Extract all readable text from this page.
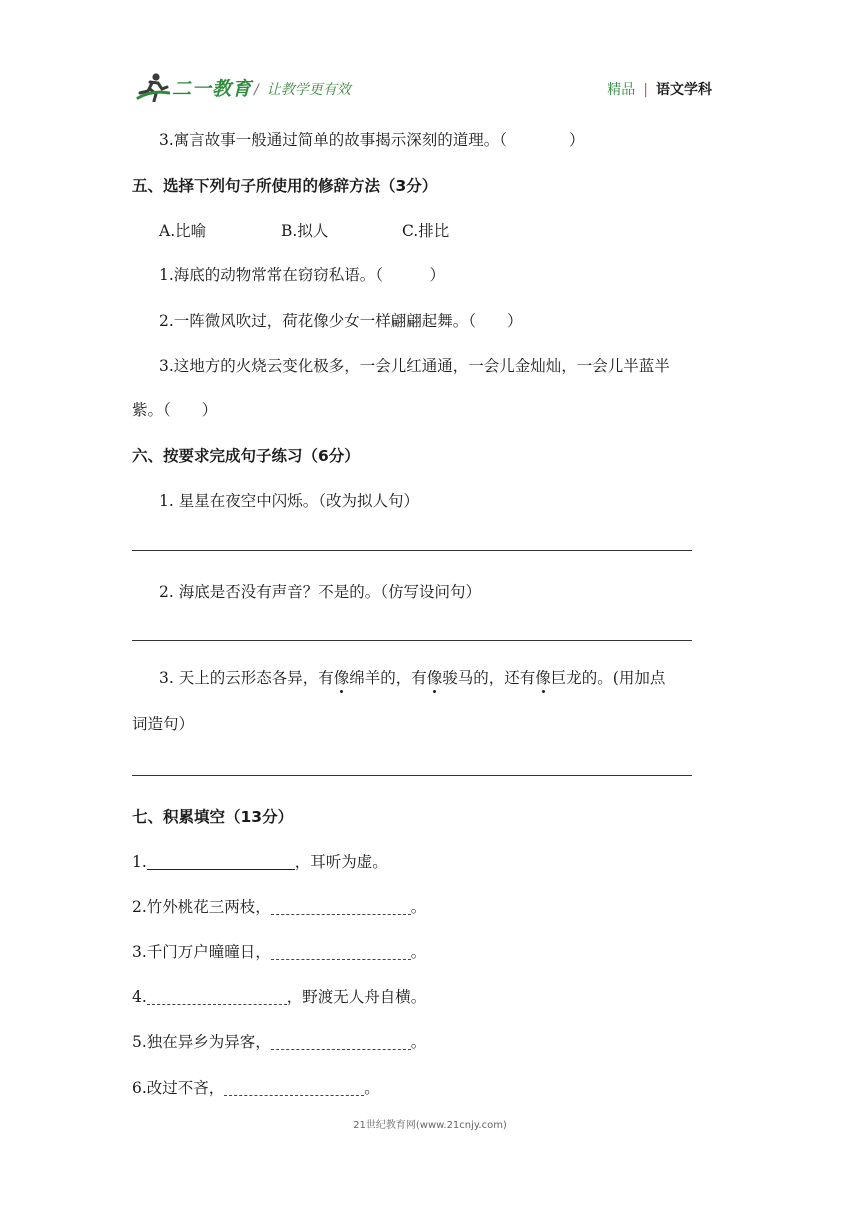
二一教育 / 让教学更有效	精品 | 语文学科
3.寓言故事一般通过简单的故事揭示深刻的道理。（　　　　）
五、选择下列句子所使用的修辞方法（3分）
A.比喻	B.拟人	C.排比
1.海底的动物常常在窃窃私语。（　　　）
2.一阵微风吹过，荷花像少女一样翩翩起舞。（　　）
3.这地方的火烧云变化极多，一会儿红通通，一会儿金灿灿，一会儿半蓝半
紫。（　　）
六、按要求完成句子练习（6分）
1. 星星在夜空中闪烁。（改为拟人句）
2. 海底是否没有声音？不是的。（仿写设问句）
3. 天上的云形态各异，有像绵羊的，有像骏马的，还有像巨龙的。(用加点
词造句）
七、积累填空（13分）
1.	，耳听为虚。
2.竹外桃花三两枝，	。
3.千门万户曈曈日，	。
4.	，野渡无人舟自横。
5.独在异乡为异客，	。
6.改过不吝，	。
21世纪教育网(www.21cnjy.com)
